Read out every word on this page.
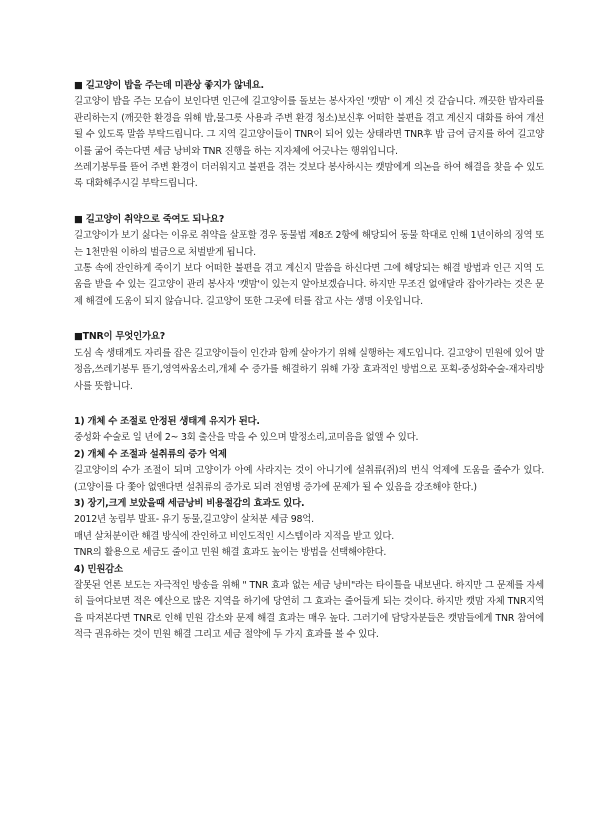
■ 길고양이 밥을 주는데 미관상 좋지가 않네요.

길고양이 밥을 주는 모습이 보인다면 인근에 길고양이를 돌보는 봉사자인 '캣맘' 이 계신 것 같습니다. 깨끗한 밥자리를 관리하는지 (깨끗한 환경을 위해 밥,물그릇 사용과 주변 환경 청소)보신후 어떠한 불편을 겪고 계신지 대화를 하여 개선될 수 있도록 말씀 부탁드립니다. 그 지역 길고양이들이 TNR이 되어 있는 상태라면 TNR후 밥 급여 금지를 하여 길고양이를 굶어 죽는다면 세금 낭비와 TNR 진행을 하는 지자체에 어긋나는 행위입니다.

쓰레기봉투를 뜯어 주변 환경이 더러워지고 불편을 겪는 것보다 봉사하시는 캣맘에게 의논을 하여 해결을 찾을 수 있도록 대화해주시길 부탁드립니다.

■ 길고양이 취약으로 죽여도 되나요?

길고양이가 보기 싫다는 이유로 취약을 살포할 경우 동물법 제8조 2항에 해당되어 동물 학대로 인해 1년이하의 징역 또는 1천만원 이하의 벌금으로 처벌받게 됩니다.

고통 속에 잔인하게 죽이기 보다 어떠한 불편을 겪고 계신지 말씀을 하신다면 그에 해당되는 해결 방법과 인근 지역 도움을 받을 수 있는 길고양이 관리 봉사자 '캣맘'이 있는지 알아보겠습니다. 하지만 무조건 없애달라 잡아가라는 것은 문제 해결에 도움이 되지 않습니다. 길고양이 또한 그곳에 터를 잡고 사는 생명 이웃입니다.

■TNR이 무엇인가요?

도심 속 생태계도 자리를 잡은 길고양이들이 인간과 함께 살아가기 위해 실행하는 제도입니다. 길고양이 민원에 있어 발정음,쓰레기봉투 뜯기,영역싸움소리,개체 수 증가를 해결하기 위해 가장 효과적인 방법으로 포획-중성화수술-재자리방사를 뜻합니다.

1) 개체 수 조절로 안정된 생태계 유지가 된다.

중성화 수술로 일 년에 2~ 3회 출산을 막을 수 있으며 발정소리,교미음을 없앨 수 있다.

2) 개체 수 조절과 설취류의 증가 억제

길고양이의 수가 조절이 되며 고양이가 아예 사라지는 것이 아니기에 설취류(쥐)의 번식 억제에 도움을 줄수가 있다. (고양이를 다 쫓아 없앤다면 설취류의 증가로 되려 전염병 증가에 문제가 될 수 있음을 강조해야 한다.)

3) 장기,크게 보았을때 세금낭비 비용절감의 효과도 있다.

2012년 농림부 발표- 유기 동물,길고양이 살처분 세금 98억.

매년 살처분이란 해결 방식에 잔인하고 비인도적인 시스템이라 지적을 받고 있다.

TNR의 활용으로 세금도 줄이고 민원 해결 효과도 높이는 방법을 선택해야한다.

4) 민원감소

잘못된 언론 보도는 자극적인 방송을 위해 " TNR 효과 없는 세금 낭비"라는 타이틀을 내보낸다. 하지만 그 문제를 자세히 들여다보면 적은 예산으로 많은 지역을 하기에 당연히 그 효과는 줄어들게 되는 것이다. 하지만 캣맘 자체 TNR지역을 따져본다면 TNR로 인해 민원 감소와 문제 해결 효과는 매우 높다. 그러기에 담당자분들은 캣맘들에게 TNR 참여에 적극 권유하는 것이 민원 해결 그리고 세금 절약에 두 가지 효과를 볼 수 있다.
